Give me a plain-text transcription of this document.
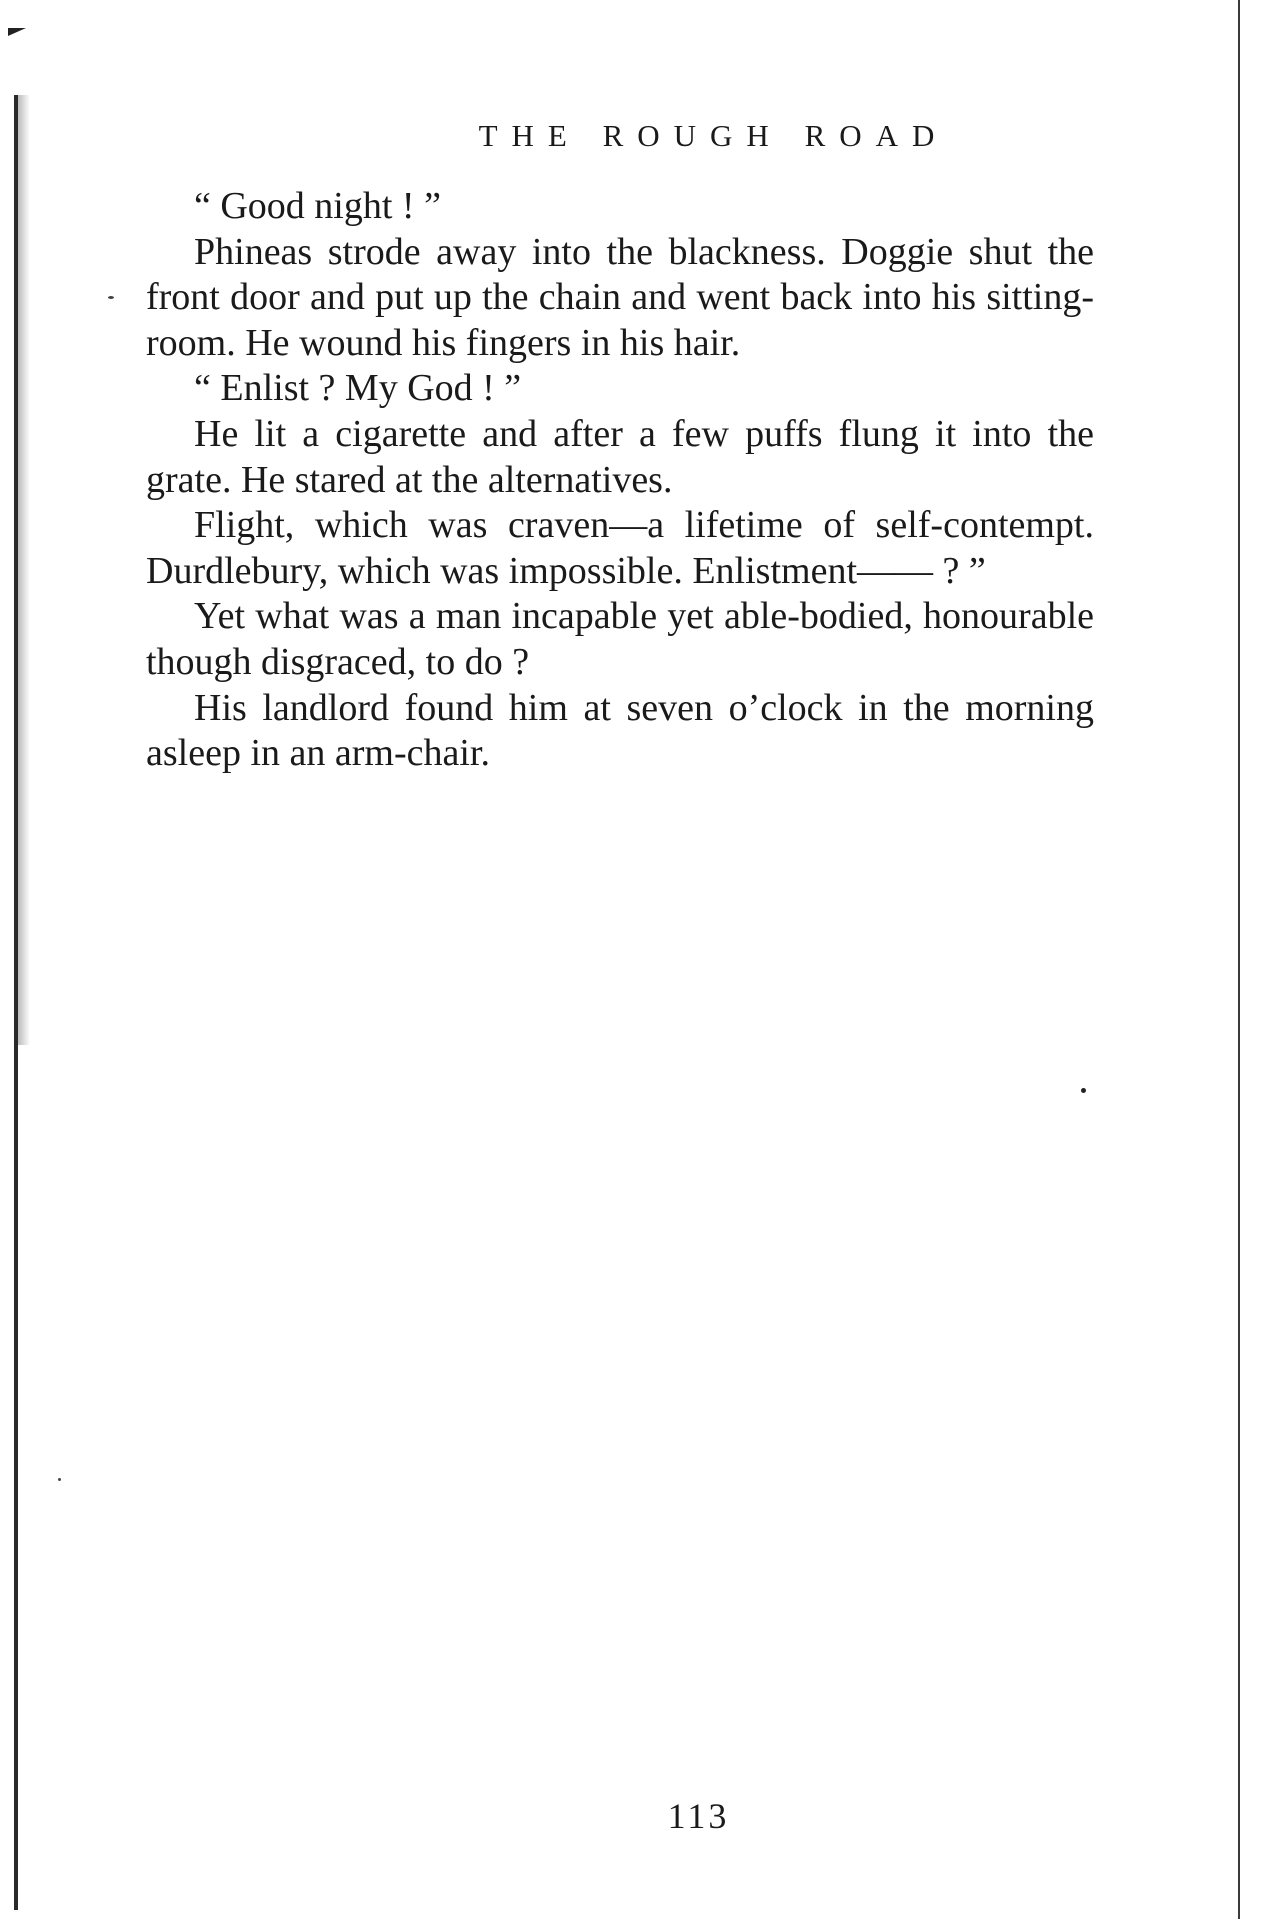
THE ROUGH ROAD

“ Good night ! ”

Phineas strode away into the blackness. Doggie shut the front door and put up the chain and went back into his sitting-room. He wound his fingers in his hair.

“ Enlist ? My God ! ”

He lit a cigarette and after a few puffs flung it into the grate. He stared at the alternatives.

Flight, which was craven—a lifetime of self-contempt. Durdlebury, which was impossible. Enlistment—— ? ”

Yet what was a man incapable yet able-bodied, honourable though disgraced, to do ?

His landlord found him at seven o’clock in the morning asleep in an arm-chair.

113
